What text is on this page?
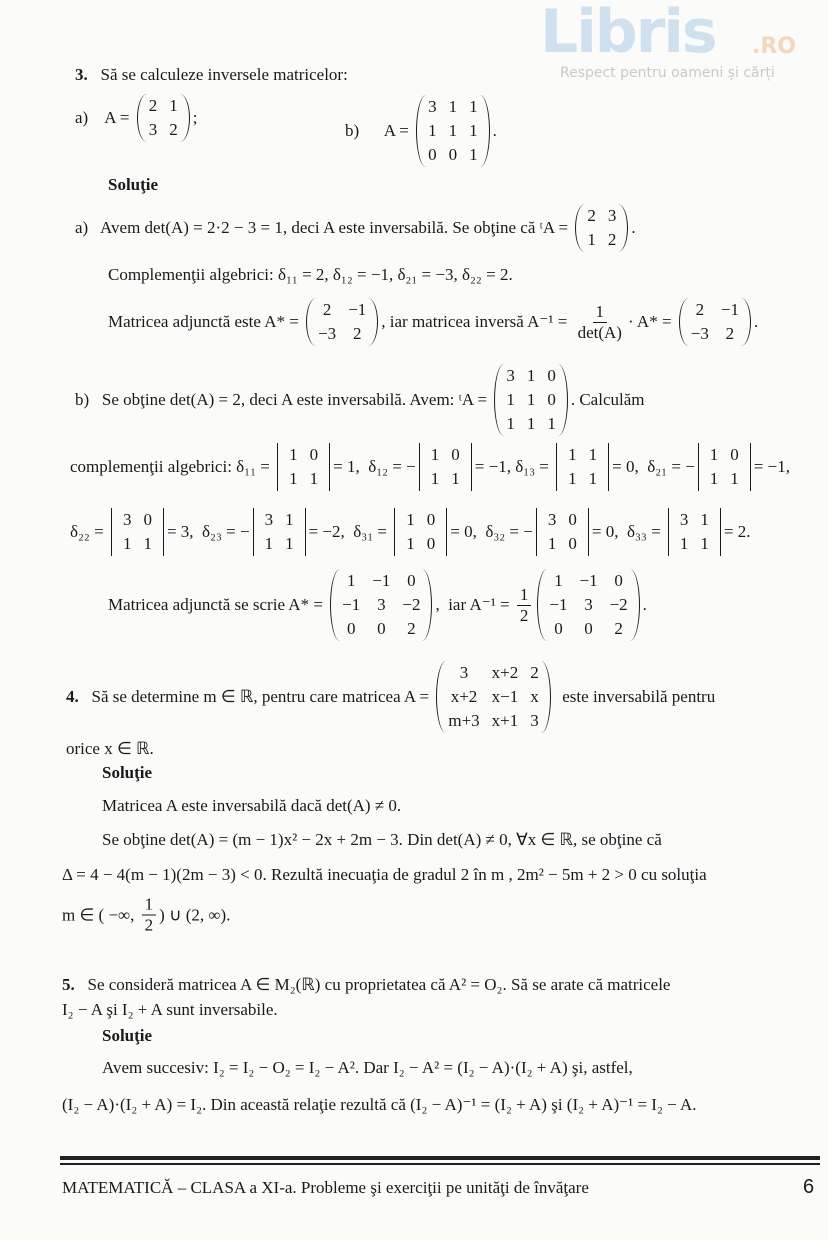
Libris .RO
Respect pentru oameni și cărți
3. Să se calculeze inversele matricelor:
a)    A =
2 1
3 2
;
b)      A =
3 1 1
1 1 1
0 0 1
.
Soluţie
a)   Avem det(A) = 2·2 − 3 = 1, deci A este inversabilă. Se obţine că ᵗA =
2 3
1 2
.
Complemenţii algebrici: δ₁₁ = 2, δ₁₂ = −1, δ₂₁ = −3, δ₂₂ = 2.
Matricea adjunctă este A* =
2 −1
−3 2
, iar matricea inversă $A^{-1} = \frac{1}{\det(A)} \cdot A*$ =
2 −1
−3 2
.
b)   Se obţine det(A) = 2, deci A este inversabilă. Avem: ᵗA =
3 1 0
1 1 0
1 1 1
. Calculăm
complemenţii algebrici: δ₁₁ =
1 0
1 1
= 1,  δ₁₂ = −
1 0
1 1
= −1, δ₁₃ =
1 1
1 1
= 0,  δ₂₁ = −
1 0
1 1
= −1,
δ₂₂ =
3 0
1 1
= 3,  δ₂₃ = −
3 1
1 1
= −2,  δ₃₁ =
1 0
1 0
= 0,  δ₃₂ = −
3 0
1 0
= 0,  δ₃₃ =
3 1
1 1
= 2.
Matricea adjunctă se scrie A* =
1 −1 0
−1 3 −2
0	0	2
,  iar $A^{-1} = \frac{1}{2}$
1 −1 0
−1 3 −2
0	0	2
.
4. Să se determine m ∈ ℝ, pentru care matricea A =
3	x+2 2
x+2 x−1 x
m+3 x+1 3
este inversabilă pentru
orice x ∈ ℝ.
Soluţie
Matricea A este inversabilă dacă det(A) ≠ 0.
Se obţine det(A) = (m − 1)x² − 2x + 2m − 3. Din det(A) ≠ 0, ∀x ∈ ℝ, se obţine că
Δ = 4 − 4(m − 1)(2m − 3) < 0. Rezultă inecuaţia de gradul 2 în m , 2m² − 5m + 2 > 0 cu soluţia
m ∈ ( −∞, $\frac{1}{2}$ ) ∪ (2, ∞).
5. Se consideră matricea A ∈ M₂(ℝ) cu proprietatea că A² = O₂. Să se arate că matricele
I₂ − A şi I₂ + A sunt inversabile.
Soluţie
Avem succesiv: I₂ = I₂ − O₂ = I₂ − A². Dar I₂ − A² = (I₂ − A)·(I₂ + A) şi, astfel,
(I₂ − A)·(I₂ + A) = I₂. Din această relaţie rezultă că (I₂ − A)⁻¹ = (I₂ + A) şi (I₂ + A)⁻¹ = I₂ − A.
MATEMATICĂ – CLASA a XI-a. Probleme şi exerciţii pe unităţi de învăţare	6
